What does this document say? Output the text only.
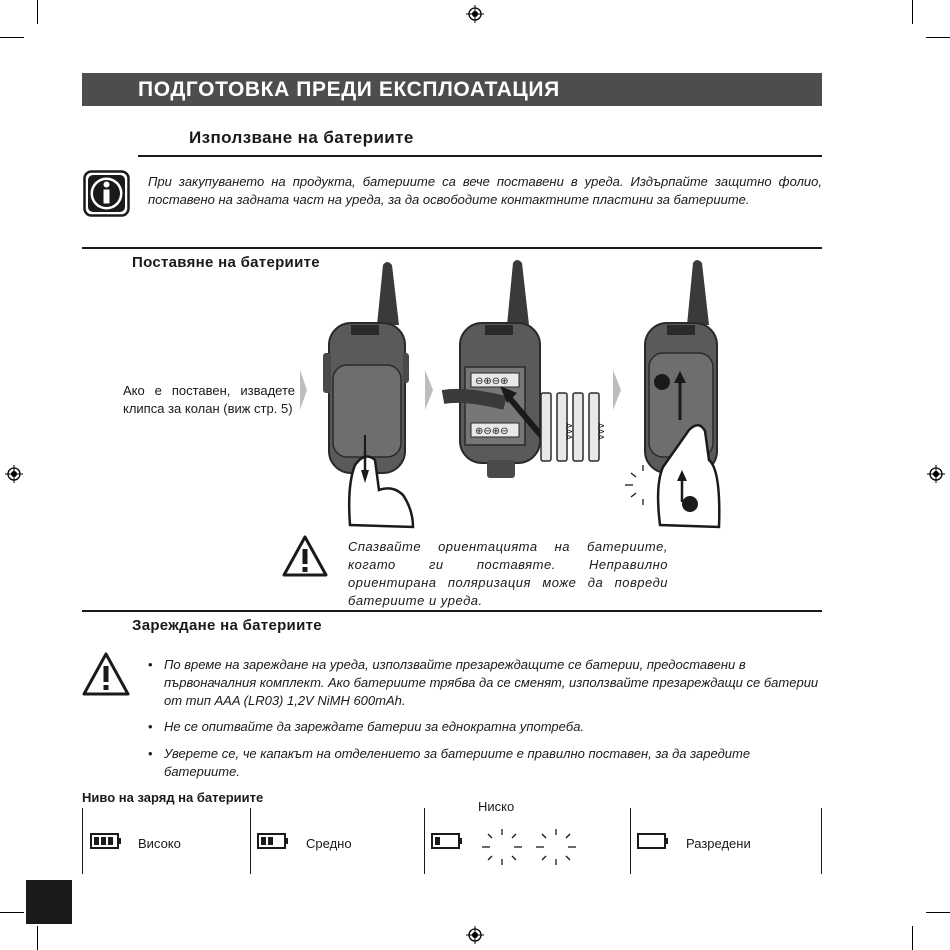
ПОДГОТОВКА ПРЕДИ ЕКСПЛОАТАЦИЯ
Използване на батериите
При закупуването на продукта, батериите са вече поставени в уреда. Издърпайте защитно фолио, поставено на задната част на уреда, за да освободите контактните пластини за батериите.
Поставяне на батериите
Ако е поставен, извадете клипса за колан (виж стр. 5)
⊖⊕⊖⊕
⊕⊖⊕⊖	AAA	AAA
Спазвайте ориентацията на батериите, когато ги поставяте. Неправилно ориентирана поляризация може да повреди батериите и уреда.
Зареждане на батериите
• По време на зареждане на уреда, използвайте презареждащите се батерии, предоставени в първоначалния комплект. Ако батериите трябва да се сменят, използвайте презареждащи се батерии от тип AAA (LR03) 1,2V NiMH 600mAh.
• Не се опитвайте да зареждате батерии за еднократна употреба.
• Уверете се, че капакът на отделението за батериите е правилно поставен, за да заредите батериите.
Ниво на заряд на батериите
Високо	Средно
Ниско
Разредени
